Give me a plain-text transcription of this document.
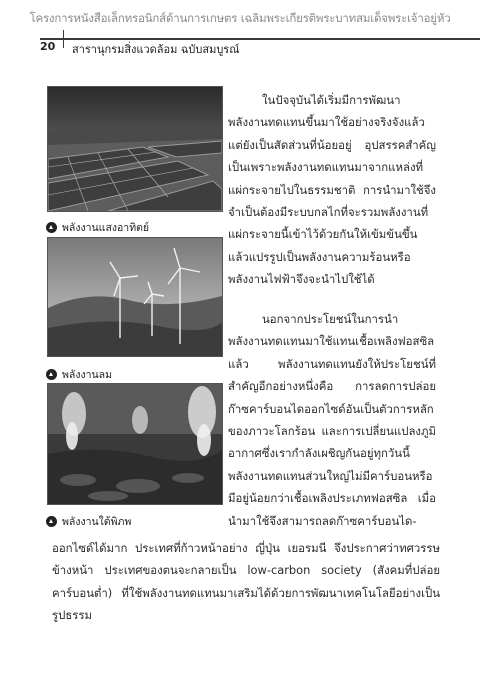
โครงการหนังสือเล็กทรอนิกส์ด้านการเกษตร เฉลิมพระเกียรติพระบาทสมเด็จพระเจ้าอยู่หัว
20 สารานุกรมสิ่งแวดล้อม ฉบับสมบูรณ์
พลังงานแสงอาทิตย์
พลังงานลม
พลังงานใต้พิภพ

ในปัจจุบันได้เริ่มมีการพัฒนาพลังงานทดแทนขึ้นมาใช้อย่างจริงจังแล้ว แต่ยังเป็นสัดส่วนที่น้อยอยู่ อุปสรรคสำคัญเป็นเพราะพลังงานทดแทนมาจากแหล่งที่แผ่กระจายไปในธรรมชาติ การนำมาใช้จึงจำเป็นต้องมีระบบกลไกที่จะรวมพลังงานที่แผ่กระจายนี้เข้าไว้ด้วยกันให้เข้มข้นขึ้น แล้วแปรรูปเป็นพลังงานความร้อนหรือพลังงานไฟฟ้าจึงจะนำไปใช้ได้

นอกจากประโยชน์ในการนำพลังงานทดแทนมาใช้แทนเชื้อเพลิงฟอสซิลแล้ว พลังงานทดแทนยังให้ประโยชน์ที่สำคัญอีกอย่างหนึ่งคือ การลดการปล่อยก๊าซคาร์บอนไดออกไซด์อันเป็นตัวการหลักของภาวะโลกร้อน และการเปลี่ยนแปลงภูมิอากาศซึ่งเรากำลังเผชิญกันอยู่ทุกวันนี้ พลังงานทดแทนส่วนใหญ่ไม่มีคาร์บอนหรือมีอยู่น้อยกว่าเชื้อเพลิงประเภทฟอสซิล เมื่อนำมาใช้จึงสามารถลดก๊าซคาร์บอนได-

ออกไซด์ได้มาก ประเทศที่ก้าวหน้าอย่าง ญี่ปุ่น เยอรมนี จึงประกาศว่าทศวรรษข้างหน้า ประเทศของตนจะกลายเป็น low-carbon society (สังคมที่ปล่อยคาร์บอนต่ำ) ที่ใช้พลังงานทดแทนมาเสริมได้ด้วยการพัฒนาเทคโนโลยีอย่างเป็นรูปธรรม
